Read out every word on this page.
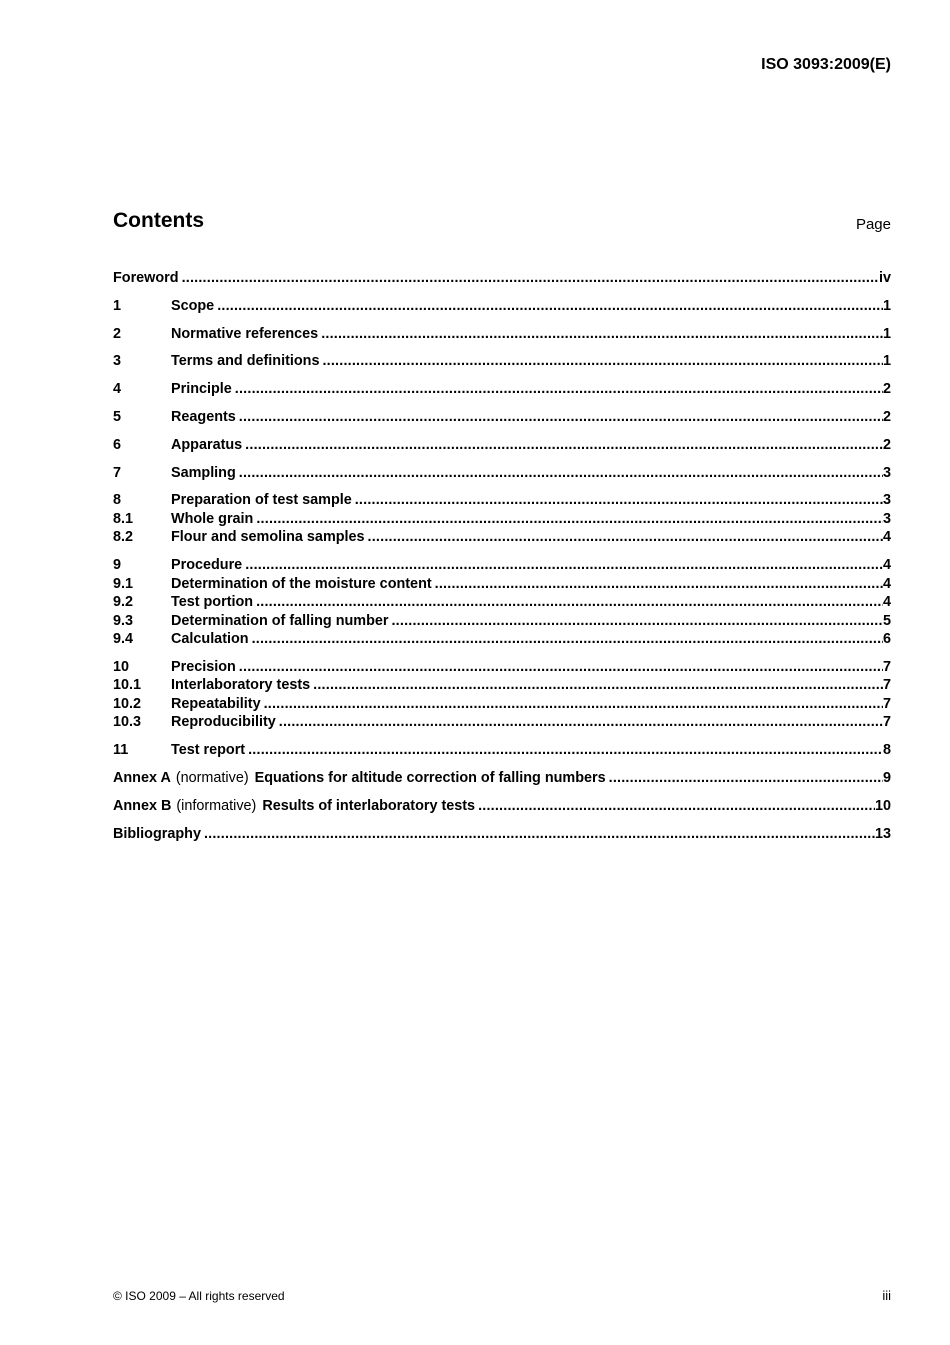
ISO 3093:2009(E)
Contents	Page
Foreword .....	iv
1	Scope .....	1
2	Normative references .....	1
3	Terms and definitions .....	1
4	Principle .....	2
5	Reagents .....	2
6	Apparatus .....	2
7	Sampling .....	3
8	Preparation of test sample .....	3
8.1	Whole grain .....	3
8.2	Flour and semolina samples .....	4
9	Procedure .....	4
9.1	Determination of the moisture content .....	4
9.2	Test portion .....	4
9.3	Determination of falling number .....	5
9.4	Calculation .....	6
10	Precision .....	7
10.1	Interlaboratory tests .....	7
10.2	Repeatability .....	7
10.3	Reproducibility .....	7
11	Test report .....	8
Annex A (normative) Equations for altitude correction of falling numbers .....	9
Annex B (informative) Results of interlaboratory tests .....	10
Bibliography .....	13
© ISO 2009 – All rights reserved	iii
